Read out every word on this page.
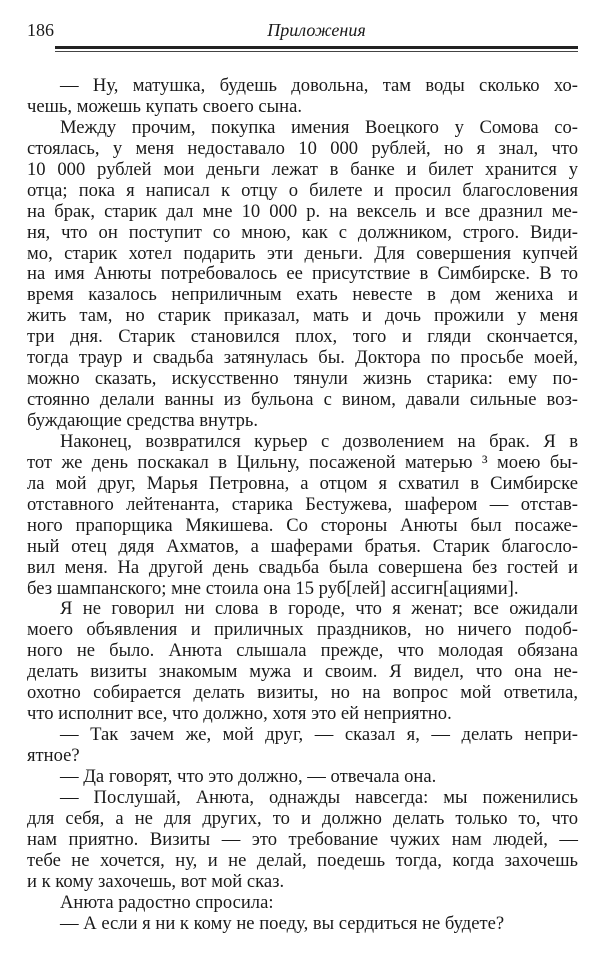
186	Приложения
— Ну, матушка, будешь довольна, там воды сколько хо-
чешь, можешь купать своего сына.
Между прочим, покупка имения Воецкого у Сомова со-
стоялась, у меня недоставало 10 000 рублей, но я знал, что
10 000 рублей мои деньги лежат в банке и билет хранится у
отца; пока я написал к отцу о билете и просил благословения
на брак, старик дал мне 10 000 р. на вексель и все дразнил ме-
ня, что он поступит со мною, как с должником, строго. Види-
мо, старик хотел подарить эти деньги. Для совершения купчей
на имя Анюты потребовалось ее присутствие в Симбирске. В то
время казалось неприличным ехать невесте в дом жениха и
жить там, но старик приказал, мать и дочь прожили у меня
три дня. Старик становился плох, того и гляди скончается,
тогда траур и свадьба затянулась бы. Доктора по просьбе моей,
можно сказать, искусственно тянули жизнь старика: ему по-
стоянно делали ванны из бульона с вином, давали сильные воз-
буждающие средства внутрь.
Наконец, возвратился курьер с дозволением на брак. Я в
тот же день поскакал в Цильну, посаженой матерью ³ моею бы-
ла мой друг, Марья Петровна, а отцом я схватил в Симбирске
отставного лейтенанта, старика Бестужева, шафером — отстав-
ного прапорщика Мякишева. Со стороны Анюты был посаже-
ный отец дядя Ахматов, а шаферами братья. Старик благосло-
вил меня. На другой день свадьба была совершена без гостей и
без шампанского; мне стоила она 15 руб[лей] ассигн[ациями].
Я не говорил ни слова в городе, что я женат; все ожидали
моего объявления и приличных праздников, но ничего подоб-
ного не было. Анюта слышала прежде, что молодая обязана
делать визиты знакомым мужа и своим. Я видел, что она не-
охотно собирается делать визиты, но на вопрос мой ответила,
что исполнит все, что должно, хотя это ей неприятно.
— Так зачем же, мой друг, — сказал я, — делать непри-
ятное?
— Да говорят, что это должно, — отвечала она.
— Послушай, Анюта, однажды навсегда: мы поженились
для себя, а не для других, то и должно делать только то, что
нам приятно. Визиты — это требование чужих нам людей, —
тебе не хочется, ну, и не делай, поедешь тогда, когда захочешь
и к кому захочешь, вот мой сказ.
Анюта радостно спросила:
— А если я ни к кому не поеду, вы сердиться не будете?
